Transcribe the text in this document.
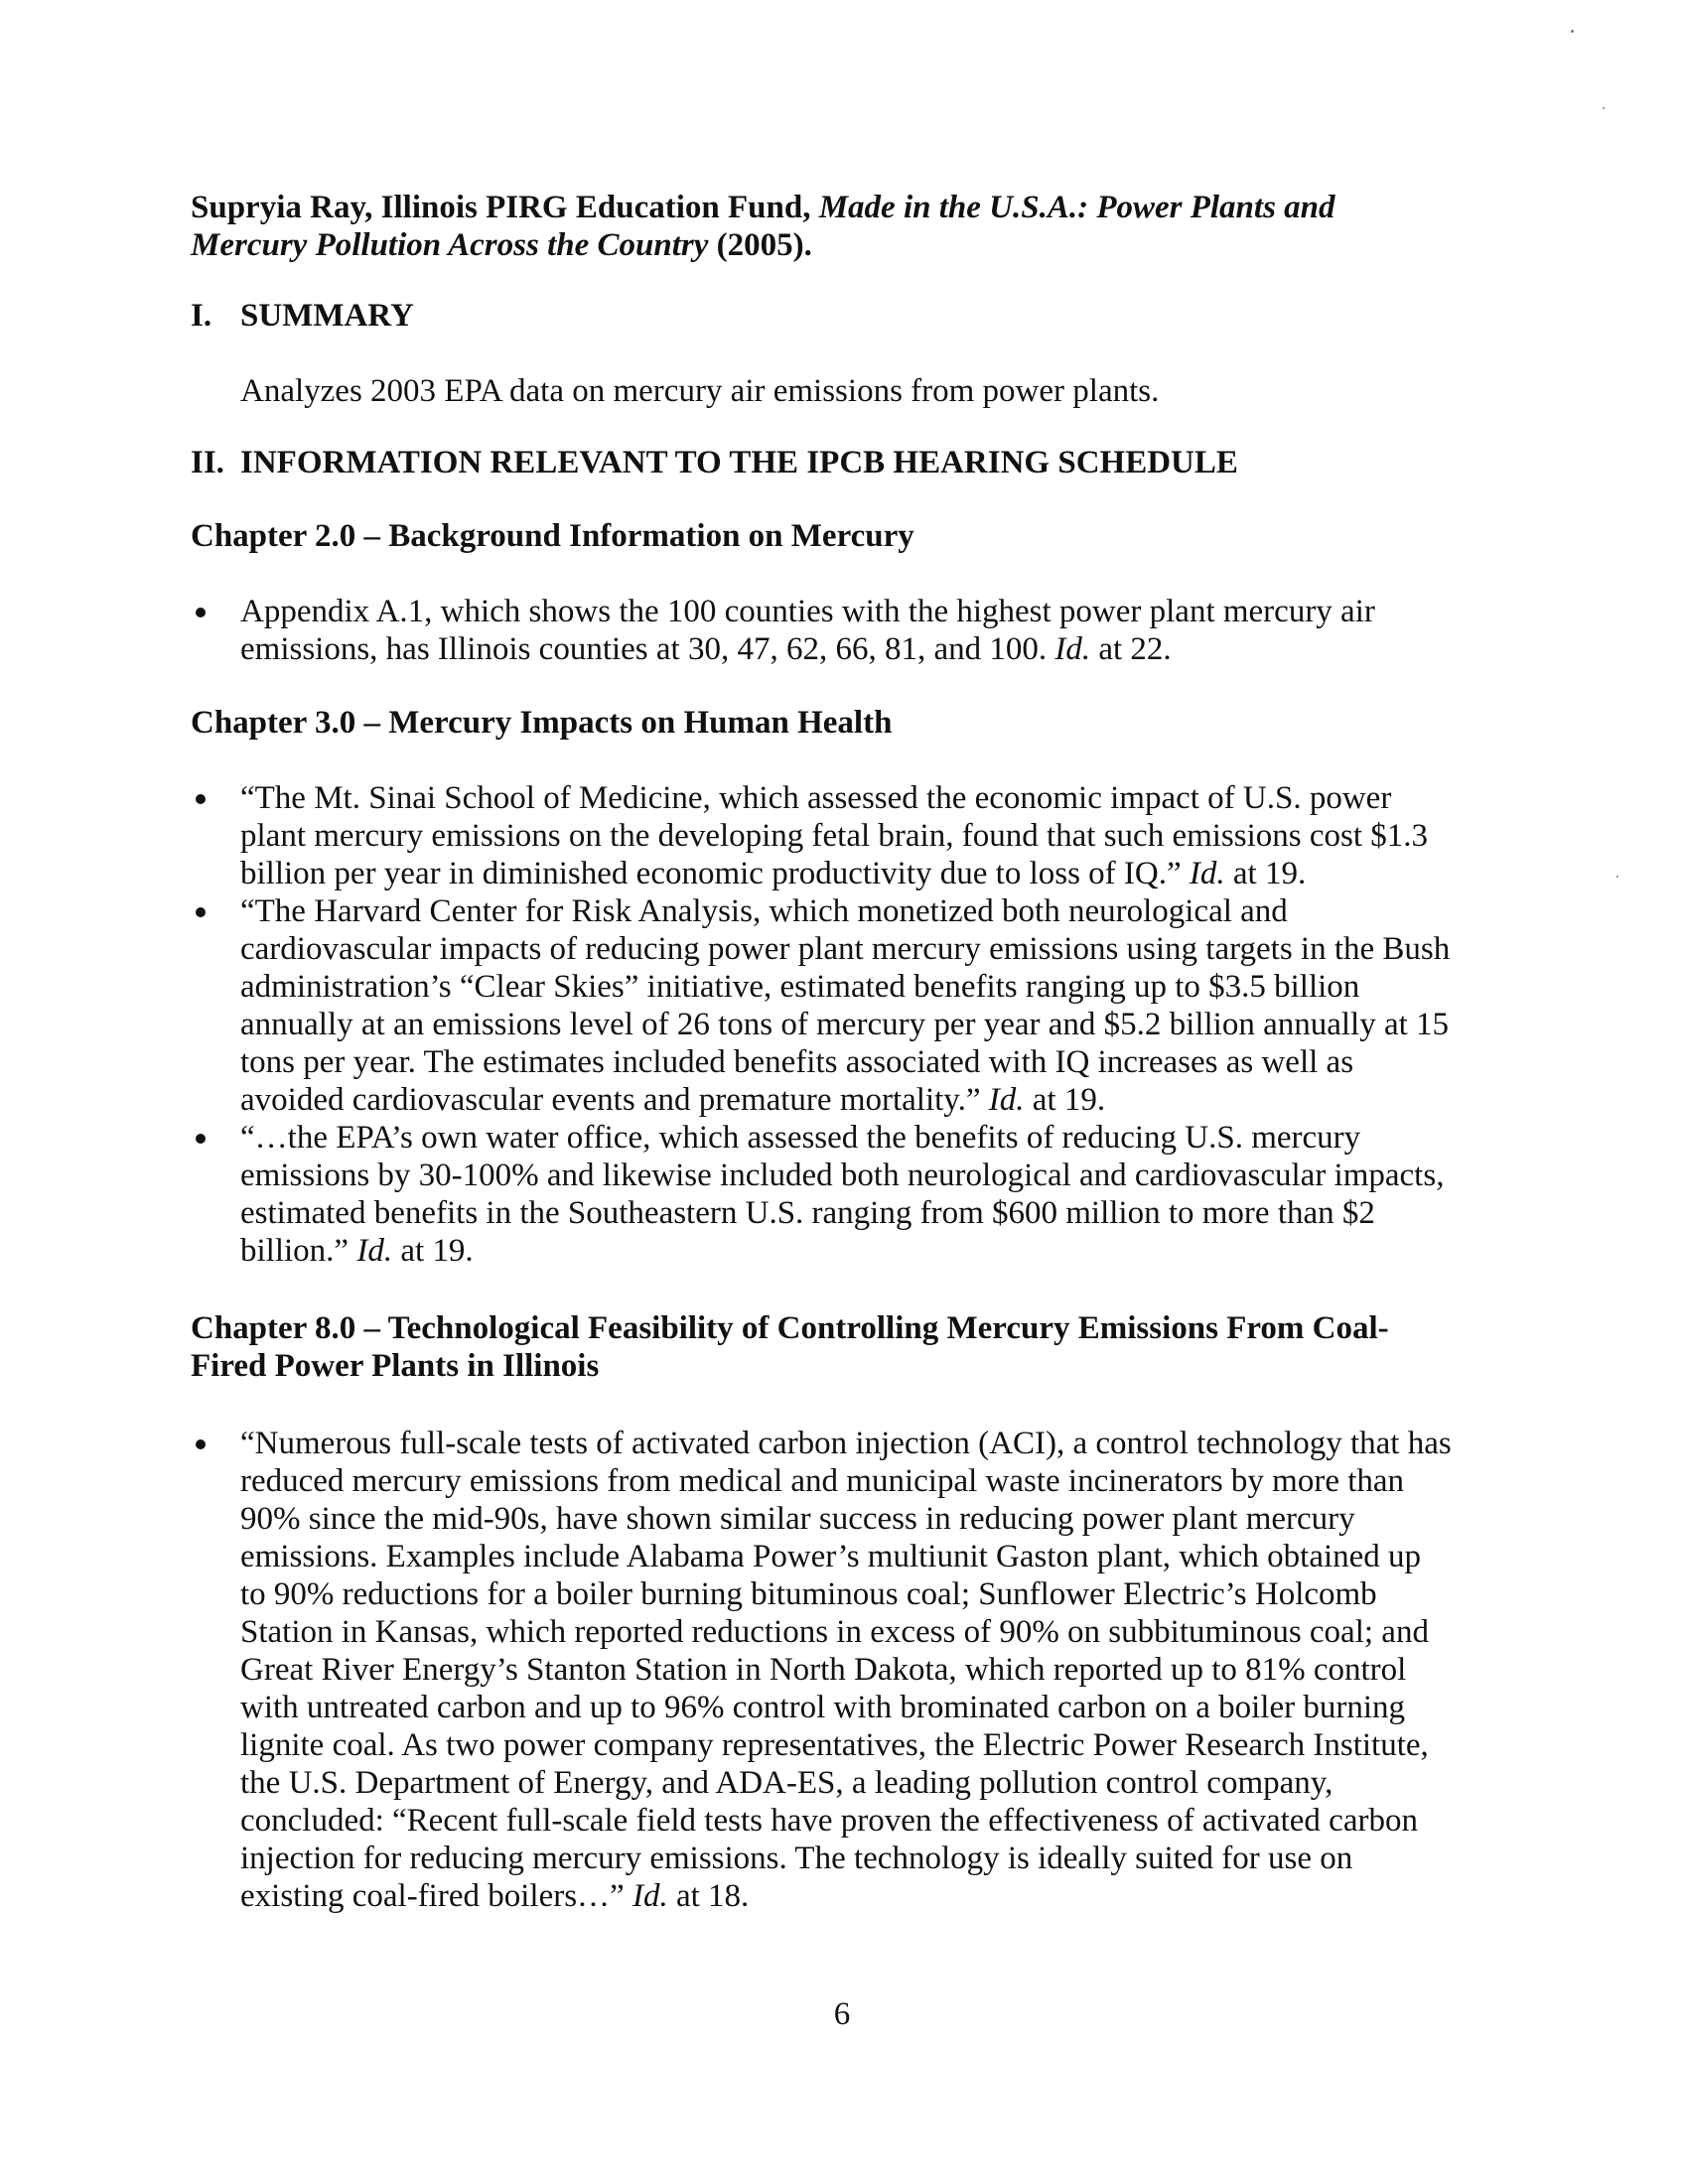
Supryia Ray, Illinois PIRG Education Fund, Made in the U.S.A.: Power Plants and Mercury Pollution Across the Country (2005).

I. SUMMARY

Analyzes 2003 EPA data on mercury air emissions from power plants.

II. INFORMATION RELEVANT TO THE IPCB HEARING SCHEDULE
Chapter 2.0 – Background Information on Mercury
Appendix A.1, which shows the 100 counties with the highest power plant mercury air emissions, has Illinois counties at 30, 47, 62, 66, 81, and 100. Id. at 22.
Chapter 3.0 – Mercury Impacts on Human Health
“The Mt. Sinai School of Medicine, which assessed the economic impact of U.S. power plant mercury emissions on the developing fetal brain, found that such emissions cost $1.3 billion per year in diminished economic productivity due to loss of IQ.” Id. at 19.
“The Harvard Center for Risk Analysis, which monetized both neurological and cardiovascular impacts of reducing power plant mercury emissions using targets in the Bush administration’s “Clear Skies” initiative, estimated benefits ranging up to $3.5 billion annually at an emissions level of 26 tons of mercury per year and $5.2 billion annually at 15 tons per year. The estimates included benefits associated with IQ increases as well as avoided cardiovascular events and premature mortality.” Id. at 19.
“…the EPA’s own water office, which assessed the benefits of reducing U.S. mercury emissions by 30-100% and likewise included both neurological and cardiovascular impacts, estimated benefits in the Southeastern U.S. ranging from $600 million to more than $2 billion.” Id. at 19.
Chapter 8.0 – Technological Feasibility of Controlling Mercury Emissions From Coal-Fired Power Plants in Illinois
“Numerous full-scale tests of activated carbon injection (ACI), a control technology that has reduced mercury emissions from medical and municipal waste incinerators by more than 90% since the mid-90s, have shown similar success in reducing power plant mercury emissions. Examples include Alabama Power’s multiunit Gaston plant, which obtained up to 90% reductions for a boiler burning bituminous coal; Sunflower Electric’s Holcomb Station in Kansas, which reported reductions in excess of 90% on subbituminous coal; and Great River Energy’s Stanton Station in North Dakota, which reported up to 81% control with untreated carbon and up to 96% control with brominated carbon on a boiler burning lignite coal. As two power company representatives, the Electric Power Research Institute, the U.S. Department of Energy, and ADA-ES, a leading pollution control company, concluded: “Recent full-scale field tests have proven the effectiveness of activated carbon injection for reducing mercury emissions. The technology is ideally suited for use on existing coal-fired boilers…” Id. at 18.
6
